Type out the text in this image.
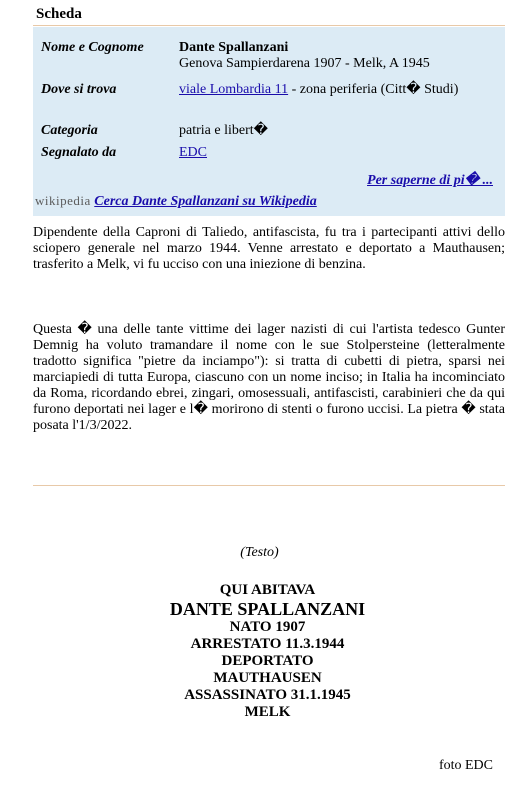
Scheda
Nome e Cognome	Dante Spallanzani
Genova Sampierdarena 1907 - Melk, A 1945
Dove si trova	viale Lombardia 11 - zona periferia (Citt� Studi)
Categoria	patria e libert�
Segnalato da	EDC
Per saperne di pi� ...
wikipedia Cerca Dante Spallanzani su Wikipedia
Dipendente della Caproni di Taliedo, antifascista, fu tra i partecipanti attivi dello sciopero generale nel marzo 1944. Venne arrestato e deportato a Mauthausen; trasferito a Melk, vi fu ucciso con una iniezione di benzina.
Questa � una delle tante vittime dei lager nazisti di cui l'artista tedesco Gunter Demnig ha voluto tramandare il nome con le sue Stolpersteine (letteralmente tradotto significa "pietre da inciampo"): si tratta di cubetti di pietra, sparsi nei marciapiedi di tutta Europa, ciascuno con un nome inciso; in Italia ha incominciato da Roma, ricordando ebrei, zingari, omosessuali, antifascisti, carabinieri che da qui furono deportati nei lager e l� morirono di stenti o furono uccisi. La pietra � stata posata l'1/3/2022.
(Testo)
QUI ABITAVA
DANTE SPALLANZANI
NATO 1907
ARRESTATO 11.3.1944
DEPORTATO
MAUTHAUSEN
ASSASSINATO 31.1.1945
MELK
foto EDC
